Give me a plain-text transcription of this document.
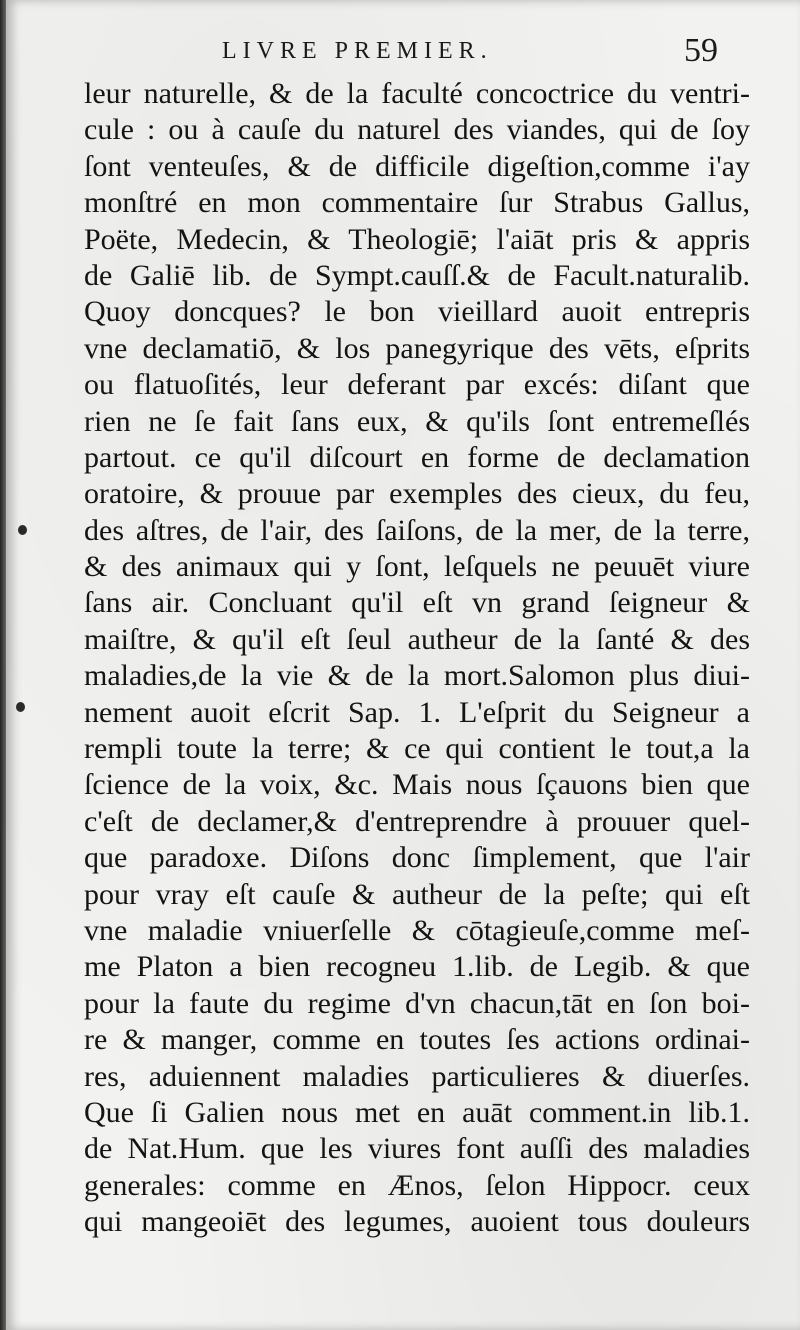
LIVRE PREMIER.	59
leur naturelle, & de la faculté concoctrice du ventri-
cule : ou à cauſe du naturel des viandes, qui de ſoy
ſont venteuſes, & de difficile digeſtion,comme i'ay
monſtré en mon commentaire ſur Strabus Gallus,
Poëte, Medecin, & Theologiē; l'aiāt pris & appris
de Galiē lib. de Sympt.cauſſ.& de Facult.naturalib.
Quoy doncques? le bon vieillard auoit entrepris
vne declamatiō, & los panegyrique des vēts, eſprits
ou flatuoſités, leur deferant par excés: diſant que
rien ne ſe fait ſans eux, & qu'ils ſont entremeſlés
partout. ce qu'il diſcourt en forme de declamation
oratoire, & prouue par exemples des cieux, du feu,
des aſtres, de l'air, des ſaiſons, de la mer, de la terre,
& des animaux qui y ſont, leſquels ne peuuēt viure
ſans air. Concluant qu'il eſt vn grand ſeigneur &
maiſtre, & qu'il eſt ſeul autheur de la ſanté & des
maladies,de la vie & de la mort.Salomon plus diui-
nement auoit eſcrit Sap. 1. L'eſprit du Seigneur a
rempli toute la terre; & ce qui contient le tout,a la
ſcience de la voix, &c. Mais nous ſçauons bien que
c'eſt de declamer,& d'entreprendre à prouuer quel-
que paradoxe. Diſons donc ſimplement, que l'air
pour vray eſt cauſe & autheur de la peſte; qui eſt
vne maladie vniuerſelle & cōtagieuſe,comme meſ-
me Platon a bien recogneu 1.lib. de Legib. & que
pour la faute du regime d'vn chacun,tāt en ſon boi-
re & manger, comme en toutes ſes actions ordinai-
res, aduiennent maladies particulieres & diuerſes.
Que ſi Galien nous met en auāt comment.in lib.1.
de Nat.Hum. que les viures font auſſi des maladies
generales: comme en Ænos, ſelon Hippocr. ceux
qui mangeoiēt des legumes, auoient tous douleurs
